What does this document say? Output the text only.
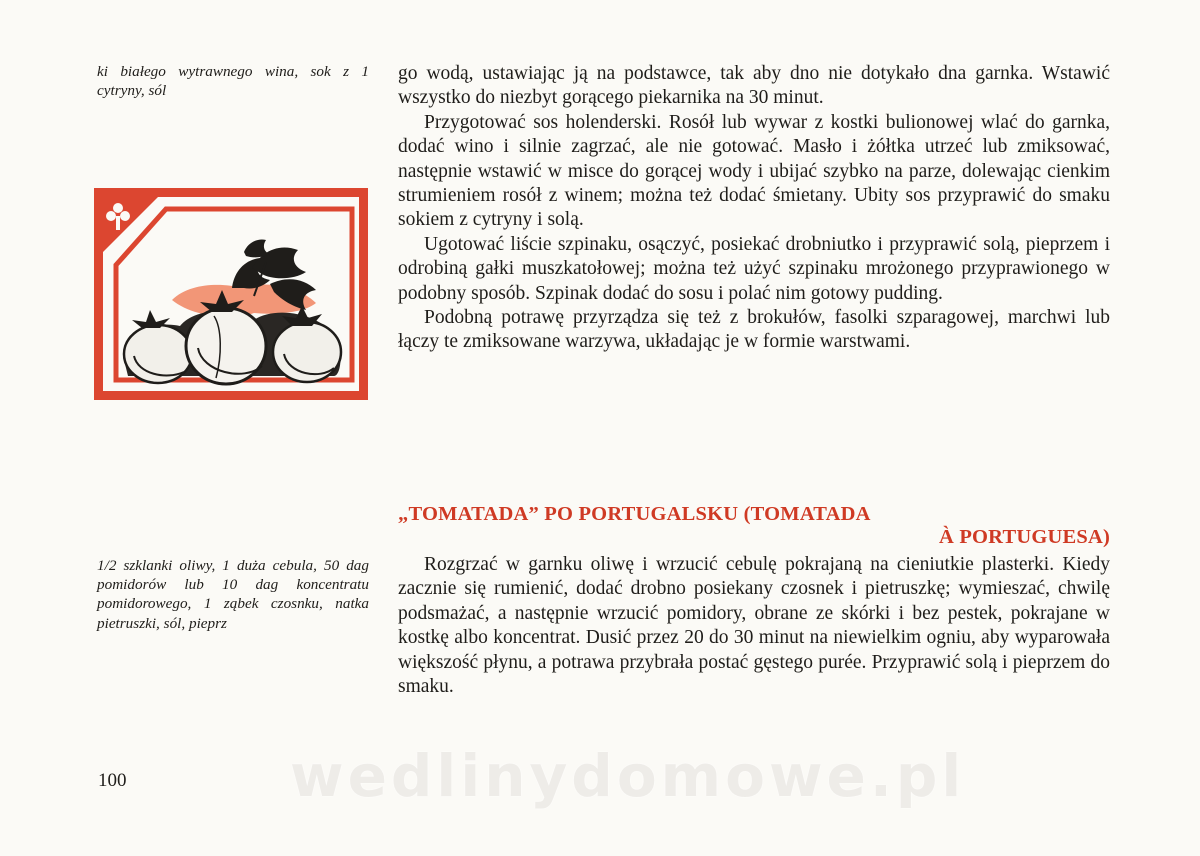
ki białego wytrawnego wina, sok z 1 cytryny, sól

go wodą, ustawiając ją na podstawce, tak aby dno nie dotykało dna garnka. Wstawić wszystko do niezbyt gorącego piekarnika na 30 minut.

Przygotować sos holenderski. Rosół lub wywar z kostki bulionowej wlać do garnka, dodać wino i silnie zagrzać, ale nie gotować. Masło i żółtka utrzeć lub zmiksować, następnie wstawić w misce do gorącej wody i ubijać szybko na parze, dolewając cienkim strumieniem rosół z winem; można też dodać śmietany. Ubity sos przyprawić do smaku sokiem z cytryny i solą.

Ugotować liście szpinaku, osączyć, posiekać drobniutko i przyprawić solą, pieprzem i odrobiną gałki muszkatołowej; można też użyć szpinaku mrożonego przyprawionego w podobny sposób. Szpinak dodać do sosu i polać nim gotowy pudding.

Podobną potrawę przyrządza się też z brokułów, fasolki szparagowej, marchwi lub łączy te zmiksowane warzywa, układając je w formie warstwami.

„TOMATADA” PO PORTUGALSKU (TOMATADA
À PORTUGUESA)
1/2 szklanki oliwy, 1 duża cebula, 50 dag pomidorów lub 10 dag koncentratu pomidorowego, 1 ząbek czosnku, natka pietruszki, sól, pieprz

Rozgrzać w garnku oliwę i wrzucić cebulę pokrajaną na cieniutkie plasterki. Kiedy zacznie się rumienić, dodać drobno posiekany czosnek i pietruszkę; wymieszać, chwilę podsmażać, a następnie wrzucić pomidory, obrane ze skórki i bez pestek, pokrajane w kostkę albo koncentrat. Dusić przez 20 do 30 minut na niewielkim ogniu, aby wyparowała większość płynu, a potrawa przybrała postać gęstego purée. Przyprawić solą i pieprzem do smaku.

100	wedlinydomowe.pl
